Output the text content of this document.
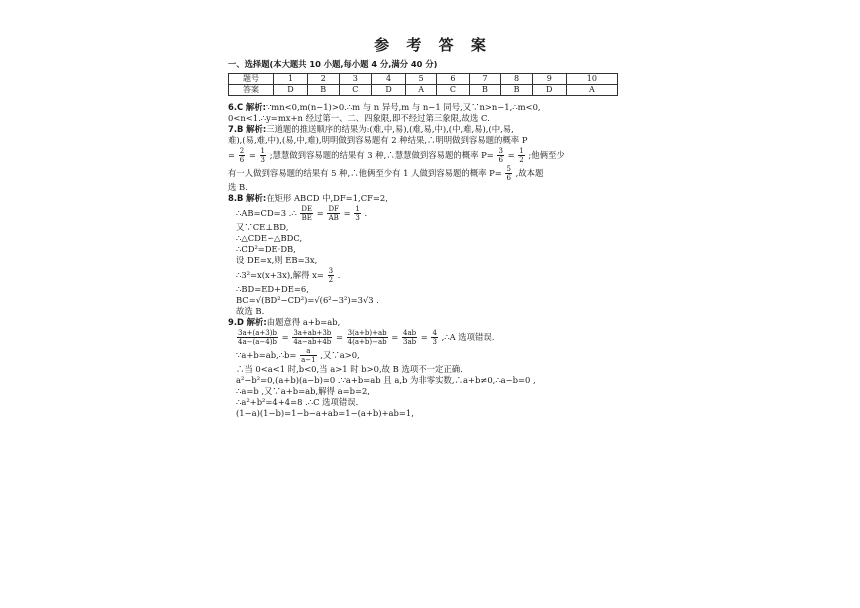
参 考 答 案
一、选择题(本大题共 10 小题,每小题 4 分,满分 40 分)
题号	1	2	3	4	5	6	7	8	9	10
答案	D	B	C	D	A	C	B	B	D	A
6.C 解析:∵mn<0,m(n−1)>0.∴m 与 n 异号,m 与 n−1 同号,又∵n>n−1,∴m<0,
0<n<1.∴y=mx+n 经过第一、二、四象限,即不经过第三象限,故选 C.
7.B 解析:三道题的推送顺序的结果为:(难,中,易),(难,易,中),(中,难,易),(中,易,
难),(易,难,中),(易,中,难),明明做到容易题有 2 种结果,∴明明做到容易题的概率 P
= $\frac{2}{6} = \frac{1}{3}$ ;慧慧做到容易题的结果有 3 种,∴慧慧做到容易题的概率 $P= \frac{3}{6} = \frac{1}{2}$ ;他俩至少
有一人做到容易题的结果有 5 种,∴他俩至少有 1 人做到容易题的概率 $P= \frac{5}{6}$ ,故本题
选 B.
8.B 解析:在矩形 ABCD 中,DF=1,CF=2,
∴AB=CD=3 .∴ $\frac{DE}{BE} = \frac{DF}{AB} = \frac{1}{3}$ .
又∵CE⊥BD,
∴△CDE∽△BDC,
∴CD²=DE·DB,
设 DE=x,则 EB=3x,
∴3²=x(x+3x),解得 $x= \frac{3}{2}$ .
∴BD=ED+DE=6,
BC=√(BD²−CD²)=√(6²−3²)=3√3 .
故选 B.
9.D 解析:由题意得 a+b=ab,
$\frac{3a+(a+3)b}{4a-(a-4)b} = \frac{3a+ab+3b}{4a-ab+4b} = \frac{3(a+b)+ab}{4(a+b)-ab} = \frac{4ab}{3ab} = \frac{4}{3}$ ,∴A 选项错误.
∵a+b=ab,∴b= $\frac{a}{a-1}$ ,又∵a>0,
∴当 0<a<1 时,b<0,当 a>1 时 b>0,故 B 选项不一定正确.
a²−b²=0,(a+b)(a−b)=0 .∵a+b=ab 且 a,b 为非零实数,∴a+b≠0,∴a−b=0 ,
∴a=b ,又∵a+b=ab,解得 a=b=2,
∴a²+b²=4+4=8 .∴C 选项错误.
(1−a)(1−b)=1−b−a+ab=1−(a+b)+ab=1,
